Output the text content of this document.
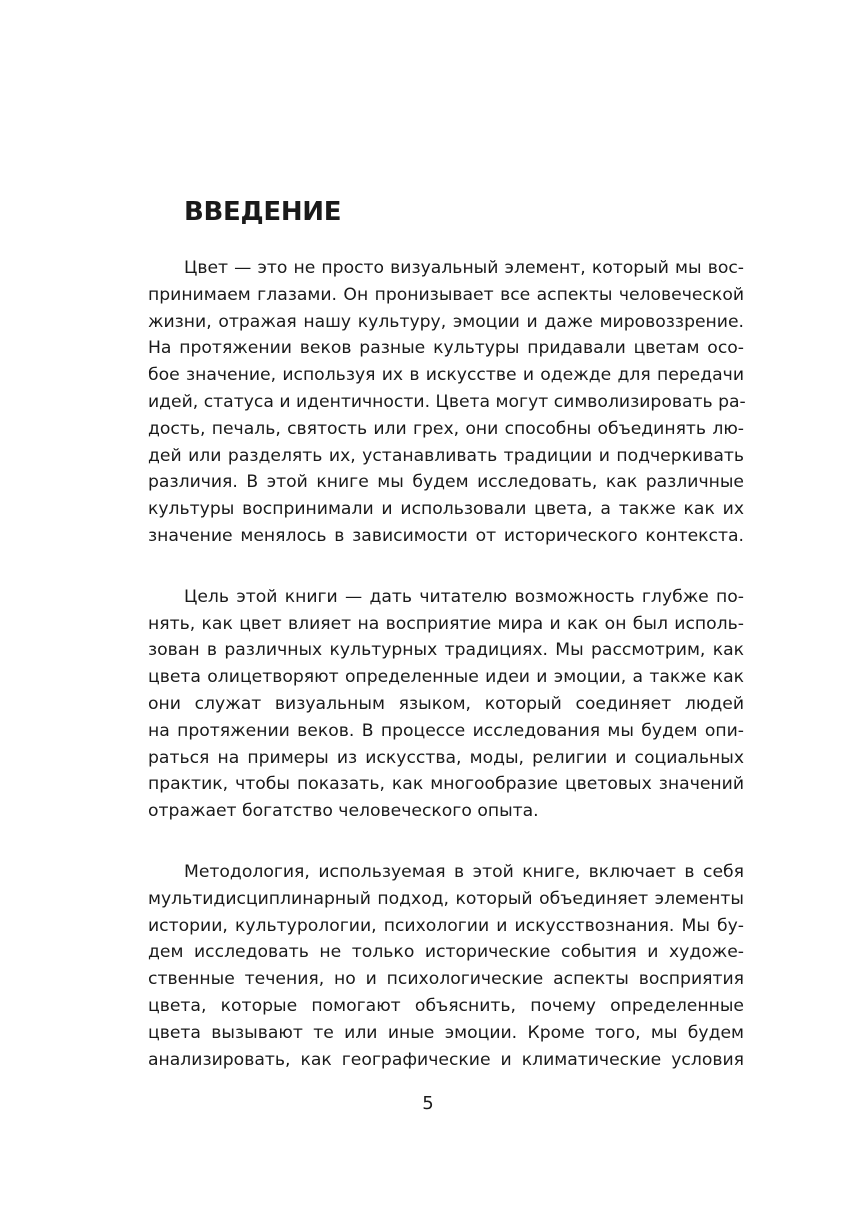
ВВЕДЕНИЕ

Цвет — это не просто визуальный элемент, который мы вос-
принимаем глазами. Он пронизывает все аспекты человеческой
жизни, отражая нашу культуру, эмоции и даже мировоззрение.
На протяжении веков разные культуры придавали цветам осо-
бое значение, используя их в искусстве и одежде для передачи
идей, статуса и идентичности. Цвета могут символизировать ра-
дость, печаль, святость или грех, они способны объединять лю-
дей или разделять их, устанавливать традиции и подчеркивать
различия. В этой книге мы будем исследовать, как различные
культуры воспринимали и использовали цвета, а также как их
значение менялось в зависимости от исторического контекста.

Цель этой книги — дать читателю возможность глубже по-
нять, как цвет влияет на восприятие мира и как он был исполь-
зован в различных культурных традициях. Мы рассмотрим, как
цвета олицетворяют определенные идеи и эмоции, а также как
они служат визуальным языком, который соединяет людей
на протяжении веков. В процессе исследования мы будем опи-
раться на примеры из искусства, моды, религии и социальных
практик, чтобы показать, как многообразие цветовых значений
отражает богатство человеческого опыта.

Методология, используемая в этой книге, включает в себя
мультидисциплинарный подход, который объединяет элементы
истории, культурологии, психологии и искусствознания. Мы бу-
дем исследовать не только исторические события и художе-
ственные течения, но и психологические аспекты восприятия
цвета, которые помогают объяснить, почему определенные
цвета вызывают те или иные эмоции. Кроме того, мы будем
анализировать, как географические и климатические условия

5
